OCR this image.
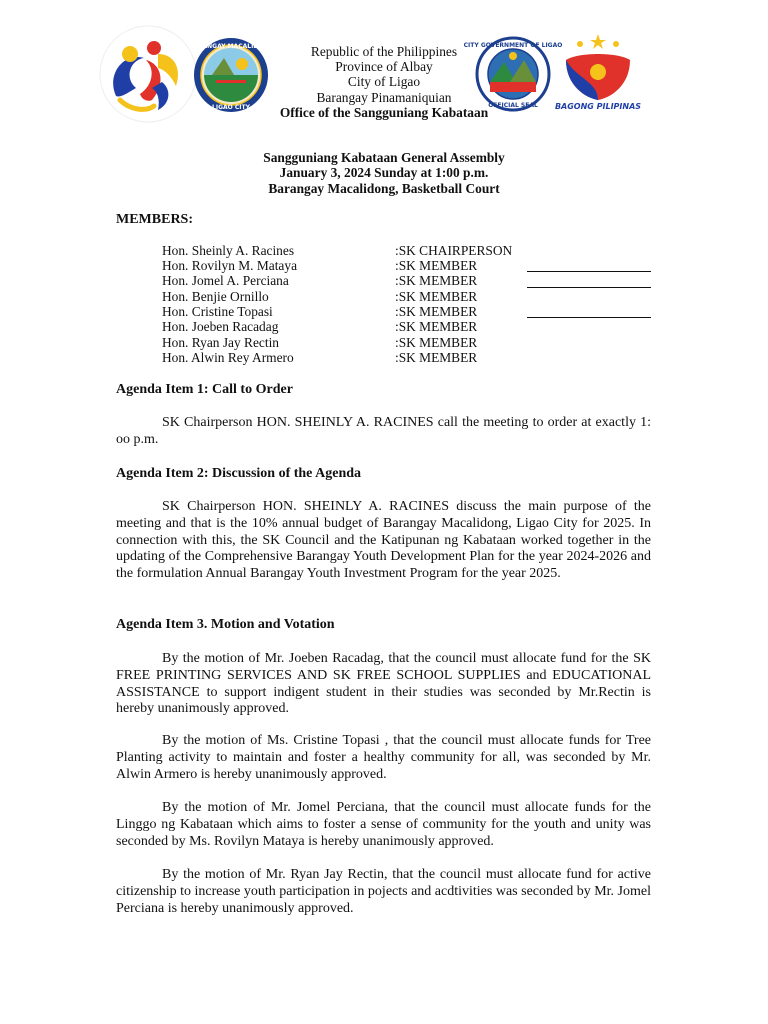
BARANGAY MACALIDONG
LIGAO CITY
CITY GOVERNMENT OF LIGAO
OFFICIAL SEAL	BAGONG PILIPINAS
Republic of the Philippines
Province of Albay
City of Ligao
Barangay Pinamaniquian
Office of the Sangguniang Kabataan
Sangguniang Kabataan General Assembly
January 3, 2024 Sunday at 1:00 p.m.
Barangay Macalidong, Basketball Court
MEMBERS:
Hon. Sheinly A. Racines	:SK CHAIRPERSON
Hon. Rovilyn M. Mataya	:SK MEMBER
Hon. Jomel A. Perciana	:SK MEMBER
Hon. Benjie Ornillo	:SK MEMBER
Hon. Cristine Topasi	:SK MEMBER
Hon. Joeben Racadag	:SK MEMBER
Hon. Ryan Jay Rectin	:SK MEMBER
Hon. Alwin Rey Armero	:SK MEMBER
Agenda Item 1: Call to Order

SK Chairperson HON. SHEINLY A. RACINES call the meeting to order at exactly 1: oo p.m.

Agenda Item 2: Discussion of the Agenda

SK Chairperson HON. SHEINLY A. RACINES discuss the main purpose of the meeting and that is the 10% annual budget of Barangay Macalidong, Ligao City for 2025. In connection with this, the SK Council and the Katipunan ng Kabataan worked together in the updating of the Comprehensive Barangay Youth Development Plan for the year 2024-2026 and the formulation Annual Barangay Youth Investment Program for the year 2025.

Agenda Item 3. Motion and Votation

By the motion of Mr. Joeben Racadag, that the council must allocate fund for the SK FREE PRINTING SERVICES AND SK FREE SCHOOL SUPPLIES and EDUCATIONAL ASSISTANCE to support indigent student in their studies was seconded by Mr.Rectin is hereby unanimously approved.

By the motion of Ms. Cristine Topasi , that the council must allocate funds for Tree Planting activity to maintain and foster a healthy community for all, was seconded by Mr. Alwin Armero is hereby unanimously approved.

By the motion of Mr. Jomel Perciana, that the council must allocate funds for the Linggo ng Kabataan which aims to foster a sense of community for the youth and unity was seconded by Ms. Rovilyn Mataya is hereby unanimously approved.

By the motion of Mr. Ryan Jay Rectin, that the council must allocate fund for active citizenship to increase youth participation in pojects and acdtivities was seconded by Mr. Jomel Perciana is hereby unanimously approved.
